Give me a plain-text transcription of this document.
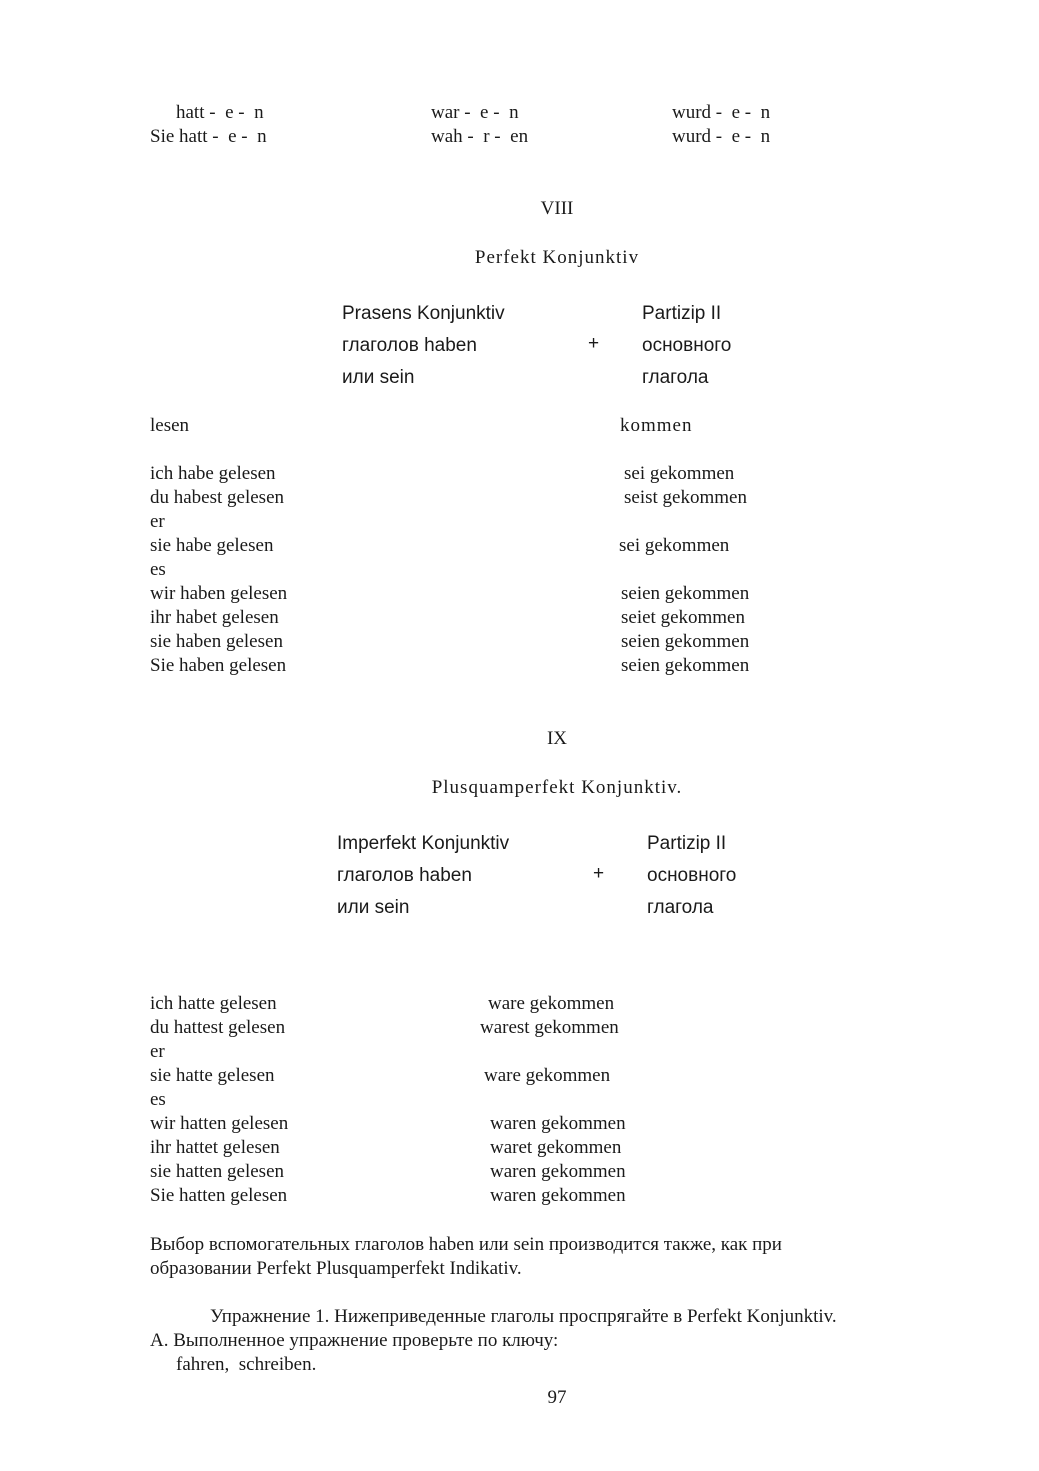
hatt -  e -  n
Sie hatt -  e -  n
war -  e -  n
wah -  r -  en
wurd -  e -  n
wurd -  e -  n
VIII
Perfekt Konjunktiv
Prasens Konjunktiv
глаголов haben
или sein
+
Partizip II
основного
глагола
lesen	kommen
ich habe gelesen
du habest gelesen
er
sie habe gelesen
es
wir haben gelesen
ihr habet gelesen
sie haben gelesen
Sie haben gelesen
sei gekommen
seist gekommen
sei gekommen
seien gekommen
seiet gekommen
seien gekommen
seien gekommen
IX
Plusquamperfekt Konjunktiv.
Imperfekt Konjunktiv
глаголов haben
или sein
+
Partizip II
основного
глагола
ich hatte gelesen
du hattest gelesen
er
sie hatte gelesen
es
wir hatten gelesen
ihr hattet gelesen
sie hatten gelesen
Sie hatten gelesen
ware gekommen
warest gekommen
ware gekommen
waren gekommen
waret gekommen
waren gekommen
waren gekommen
Выбор вспомогательных глаголов haben или sein производится также, как при
образовании Perfekt Plusquamperfekt Indikativ.
Упражнение 1. Нижеприведенные глаголы проспрягайте в Perfekt Konjunktiv.
А. Выполненное упражнение проверьте по ключу:
fahren,  schreiben.
97
